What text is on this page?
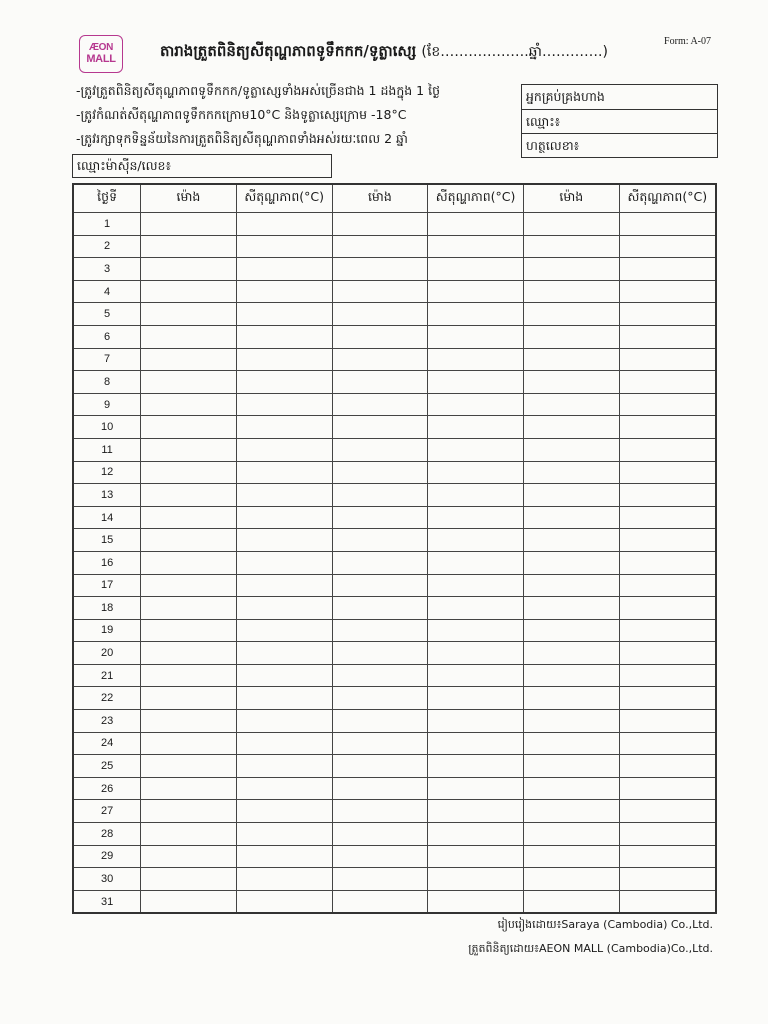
ÆON
MALL
Form: A-07
តារាងត្រួតពិនិត្យសីតុណ្ហភាពទូទឹកកក/ទូត្លាស្សេ (ខែ……………….ឆ្នាំ………….)
-ត្រូវត្រួតពិនិត្យសីតុណ្ហភាពទូទឹកកក/ទូត្លាស្សេទាំងអស់ច្រើនជាង 1 ដងក្នុង 1 ថ្ងៃ
-ត្រូវកំណត់សីតុណ្ហភាពទូទឹកកកក្រោម10°C និងទូត្លាស្សេក្រោម -18°C
-ត្រូវរក្សាទុកទិន្នន័យនៃការត្រួតពិនិត្យសីតុណ្ហភាពទាំងអស់រយៈពេល 2 ឆ្នាំ
ឈ្មោះម៉ាស៊ីន/លេខ៖
អ្នកគ្រប់គ្រងហាង
ឈ្មោះ៖
ហត្ថលេខា៖
ថ្ងៃទី	ម៉ោង	សីតុណ្ហភាព(°C)	ម៉ោង	សីតុណ្ហភាព(°C)	ម៉ោង	សីតុណ្ហភាព(°C)
1						
2						
3						
4						
5						
6						
7						
8						
9						
10						
11						
12						
13						
14						
15						
16						
17						
18						
19						
20						
21						
22						
23						
24						
25						
26						
27						
28						
29						
30						
31						
រៀបរៀងដោយ៖Saraya (Cambodia) Co.,Ltd.
ត្រួតពិនិត្យដោយ៖AEON MALL (Cambodia)Co.,Ltd.
